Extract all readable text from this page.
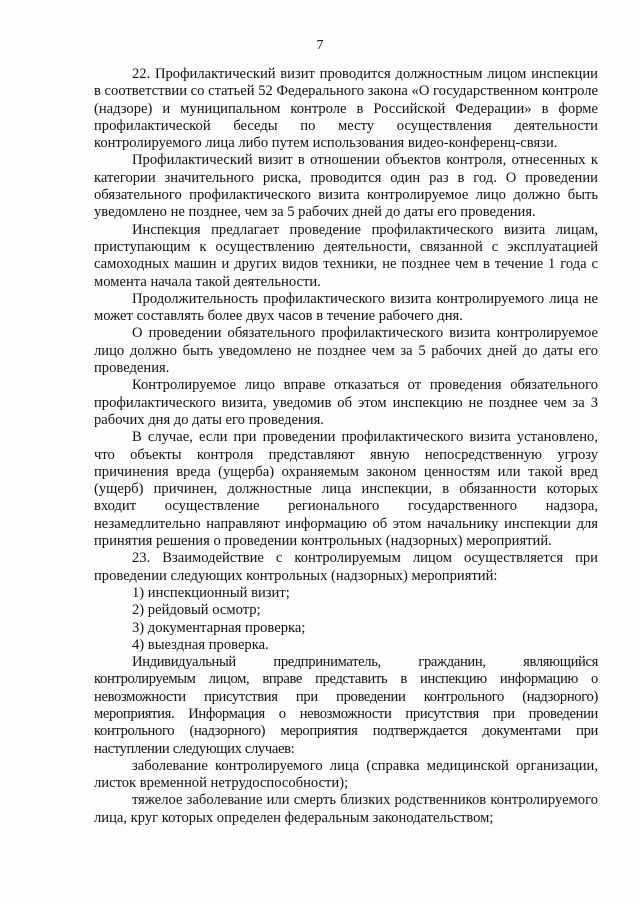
7

22. Профилактический визит проводится должностным лицом инспекции в соответствии со статьей 52 Федерального закона «О государственном контроле (надзоре) и муниципальном контроле в Российской Федерации» в форме профилактической беседы по месту осуществления деятельности контролируемого лица либо путем использования видео-конференц-связи.

Профилактический визит в отношении объектов контроля, отнесенных к категории значительного риска, проводится один раз в год. О проведении обязательного профилактического визита контролируемое лицо должно быть уведомлено не позднее, чем за 5 рабочих дней до даты его проведения.

Инспекция предлагает проведение профилактического визита лицам, приступающим к осуществлению деятельности, связанной с эксплуатацией самоходных машин и других видов техники, не позднее чем в течение 1 года с момента начала такой деятельности.

Продолжительность профилактического визита контролируемого лица не может составлять более двух часов в течение рабочего дня.

О проведении обязательного профилактического визита контролируемое лицо должно быть уведомлено не позднее чем за 5 рабочих дней до даты его проведения.

Контролируемое лицо вправе отказаться от проведения обязательного профилактического визита, уведомив об этом инспекцию не позднее чем за 3 рабочих дня до даты его проведения.

В случае, если при проведении профилактического визита установлено, что объекты контроля представляют явную непосредственную угрозу причинения вреда (ущерба) охраняемым законом ценностям или такой вред (ущерб) причинен, должностные лица инспекции, в обязанности которых входит осуществление регионального государственного надзора, незамедлительно направляют информацию об этом начальнику инспекции для принятия решения о проведении контрольных (надзорных) мероприятий.

23. Взаимодействие с контролируемым лицом осуществляется при проведении следующих контрольных (надзорных) мероприятий:

1) инспекционный визит;

2) рейдовый осмотр;

3) документарная проверка;

4) выездная проверка.

Индивидуальный предприниматель, гражданин, являющийся контролируемым лицом, вправе представить в инспекцию информацию о невозможности присутствия при проведении контрольного (надзорного) мероприятия. Информация о невозможности присутствия при проведении контрольного (надзорного) мероприятия подтверждается документами при наступлении следующих случаев:

заболевание контролируемого лица (справка медицинской организации, листок временной нетрудоспособности);

тяжелое заболевание или смерть близких родственников контролируемого лица, круг которых определен федеральным законодательством;
